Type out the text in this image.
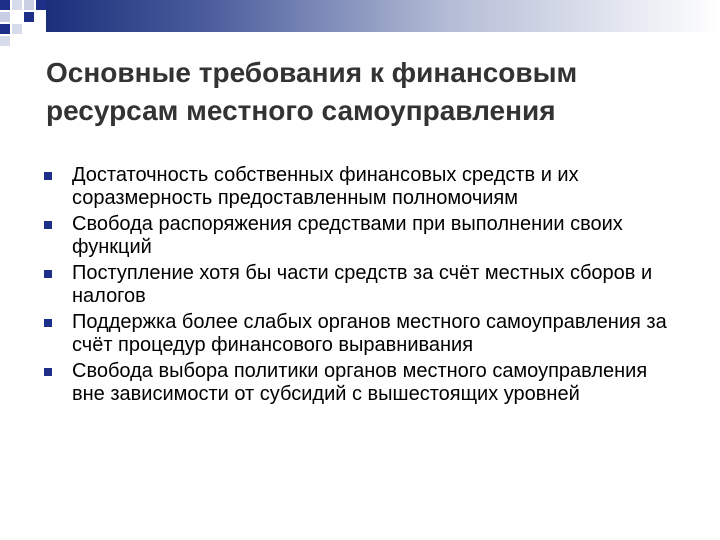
Основные требования к финансовым ресурсам местного самоуправления
Достаточность собственных финансовых средств и их соразмерность предоставленным полномочиям
Свобода распоряжения средствами при выполнении своих функций
Поступление хотя бы части средств за счёт местных сборов и налогов
Поддержка более слабых органов местного самоуправления за счёт процедур финансового выравнивания
Свобода выбора политики органов местного самоуправления вне зависимости от субсидий с вышестоящих уровней
